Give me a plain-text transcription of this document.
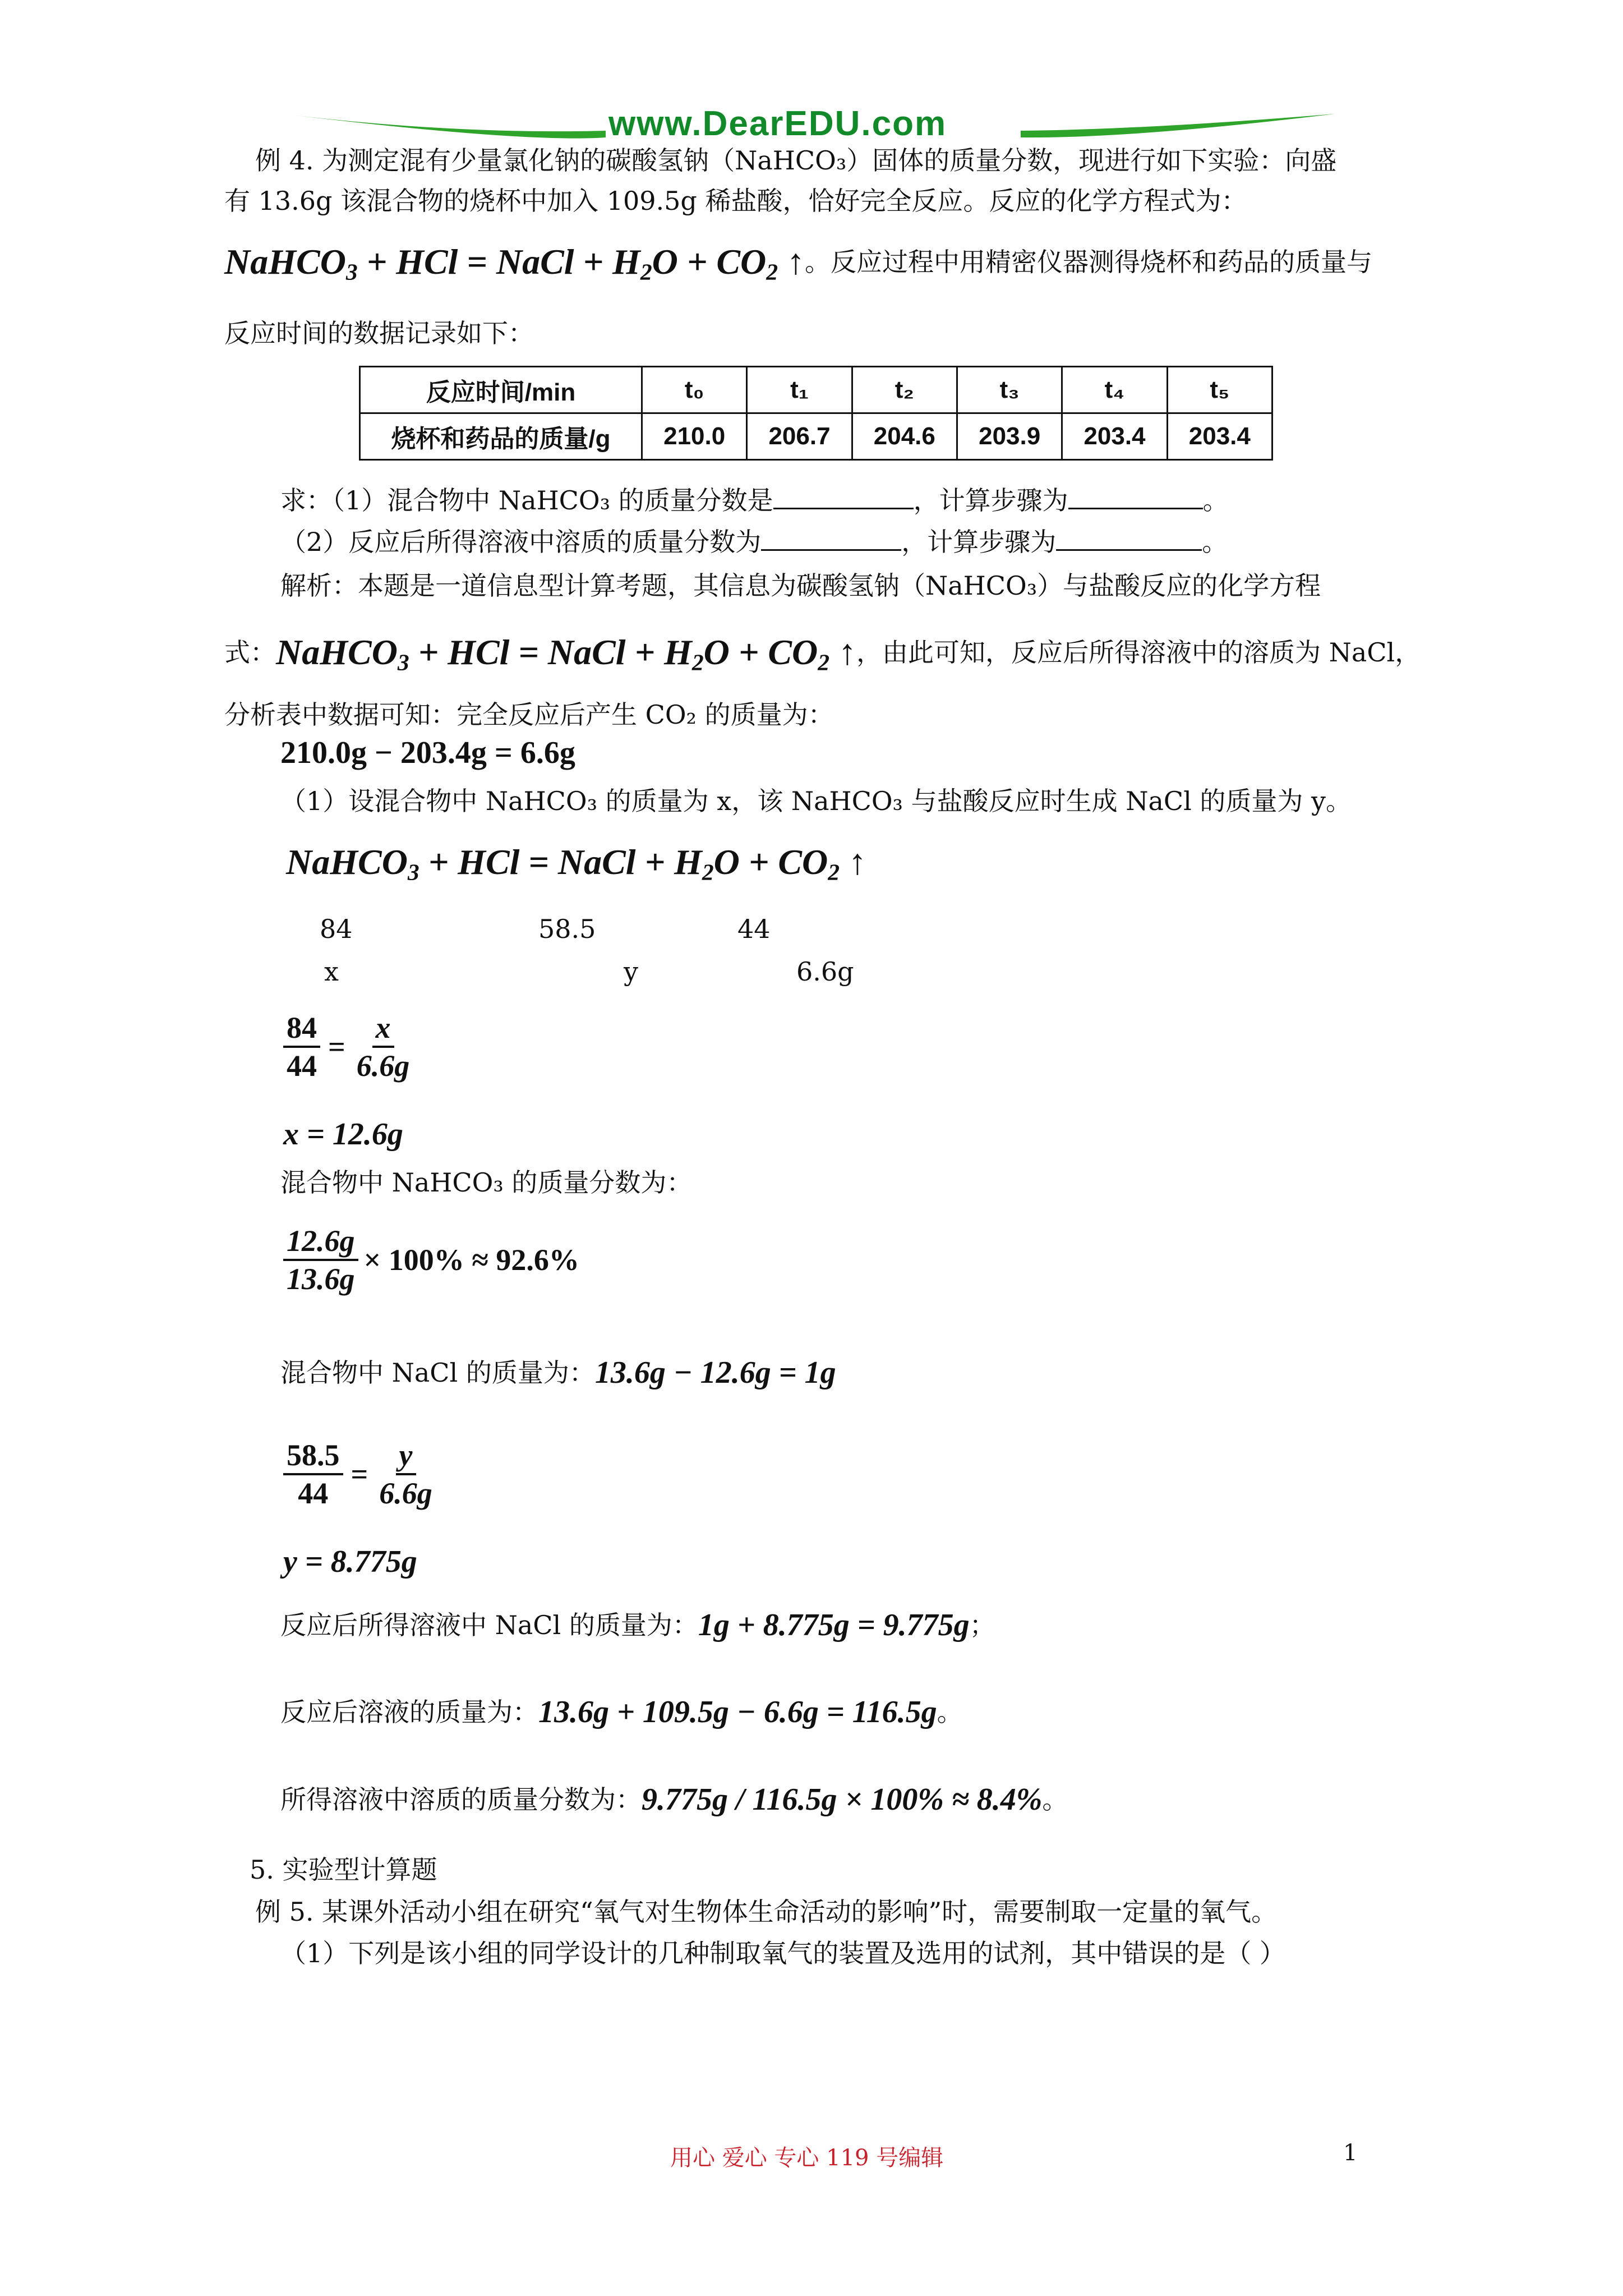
www.DearEDU.com
例 4. 为测定混有少量氯化钠的碳酸氢钠（NaHCO₃）固体的质量分数，现进行如下实验：向盛
有 13.6g 该混合物的烧杯中加入 109.5g 稀盐酸，恰好完全反应。反应的化学方程式为：
NaHCO$_3$ + HCl = NaCl + $H_2O + CO_2$ ↑ 。反应过程中用精密仪器测得烧杯和药品的质量与
反应时间的数据记录如下：
反应时间/min	t₀	t₁	t₂	t₃	t₄	t₅
烧杯和药品的质量/g	210.0	206.7	204.6	203.9	203.4	203.4
求：（1）混合物中 NaHCO₃ 的质量分数是	，计算步骤为	。
（2）反应后所得溶液中溶质的质量分数为	，计算步骤为	。
解析：本题是一道信息型计算考题，其信息为碳酸氢钠（NaHCO₃）与盐酸反应的化学方程
式： NaHCO$_3$ + HCl = NaCl + $H_2O + CO_2$ ↑ ，由此可知，反应后所得溶液中的溶质为 NaCl，
分析表中数据可知：完全反应后产生 CO₂ 的质量为：
210.0g − 203.4g = 6.6g
（1）设混合物中 NaHCO₃ 的质量为 x，该 NaHCO₃ 与盐酸反应时生成 NaCl 的质量为 y。
NaHCO$_3$ + HCl = NaCl + $H_2O + CO_2$ ↑
84	58.5	44
x	y	6.6g
$\frac{84}{44} = \frac{x}{6.6g}$
x = 12.6g
混合物中 NaHCO₃ 的质量分数为：
$\frac{12.6g}{13.6g} \times 100\% \approx 92.6\%$
混合物中 NaCl 的质量为： 13.6g − 12.6g = 1g
$\frac{58.5}{44} = \frac{y}{6.6g}$
y = 8.775g
反应后所得溶液中 NaCl 的质量为： 1g + 8.775g = 9.775g ；
反应后溶液的质量为： 13.6g + 109.5g − 6.6g = 116.5g 。
所得溶液中溶质的质量分数为： 9.775g / 116.5g × 100% ≈ 8.4% 。
5. 实验型计算题
例 5. 某课外活动小组在研究“氧气对生物体生命活动的影响”时，需要制取一定量的氧气。
（1）下列是该小组的同学设计的几种制取氧气的装置及选用的试剂，其中错误的是（ ）
用心 爱心 专心 119 号编辑	1
